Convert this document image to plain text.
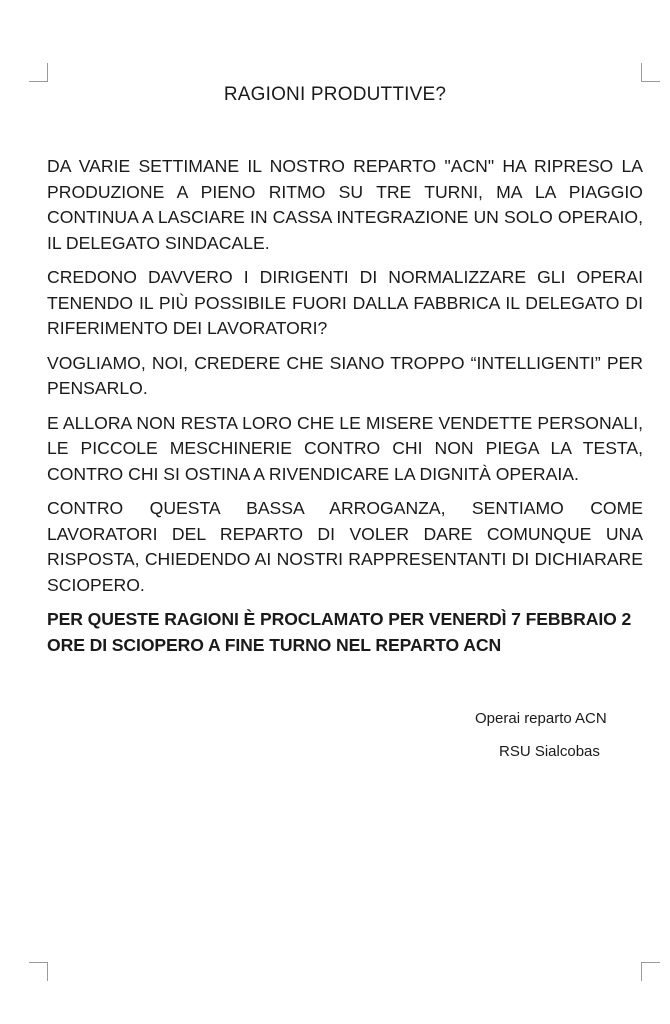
RAGIONI PRODUTTIVE?

DA VARIE SETTIMANE IL NOSTRO REPARTO "ACN" HA RIPRESO LA PRODUZIONE A PIENO RITMO SU TRE TURNI, MA LA PIAGGIO CONTINUA A LASCIARE IN CASSA INTEGRAZIONE UN SOLO OPERAIO, IL DELEGATO SINDACALE.

CREDONO DAVVERO I DIRIGENTI DI NORMALIZZARE GLI OPERAI TENENDO IL PIÙ POSSIBILE FUORI DALLA FABBRICA IL DELEGATO DI RIFERIMENTO DEI LAVORATORI?

VOGLIAMO, NOI, CREDERE CHE SIANO TROPPO “INTELLIGENTI” PER PENSARLO.

E ALLORA NON RESTA LORO CHE LE MISERE VENDETTE PERSONALI, LE PICCOLE MESCHINERIE CONTRO CHI NON PIEGA LA TESTA, CONTRO CHI SI OSTINA A RIVENDICARE LA DIGNITÀ OPERAIA.

CONTRO QUESTA BASSA ARROGANZA, SENTIAMO COME LAVORATORI DEL REPARTO DI VOLER DARE COMUNQUE UNA RISPOSTA, CHIEDENDO AI NOSTRI RAPPRESENTANTI DI DICHIARARE SCIOPERO.

PER QUESTE RAGIONI È PROCLAMATO PER VENERDÌ 7 FEBBRAIO 2 ORE DI SCIOPERO A FINE TURNO NEL REPARTO ACN

Operai reparto ACN
RSU Sialcobas
